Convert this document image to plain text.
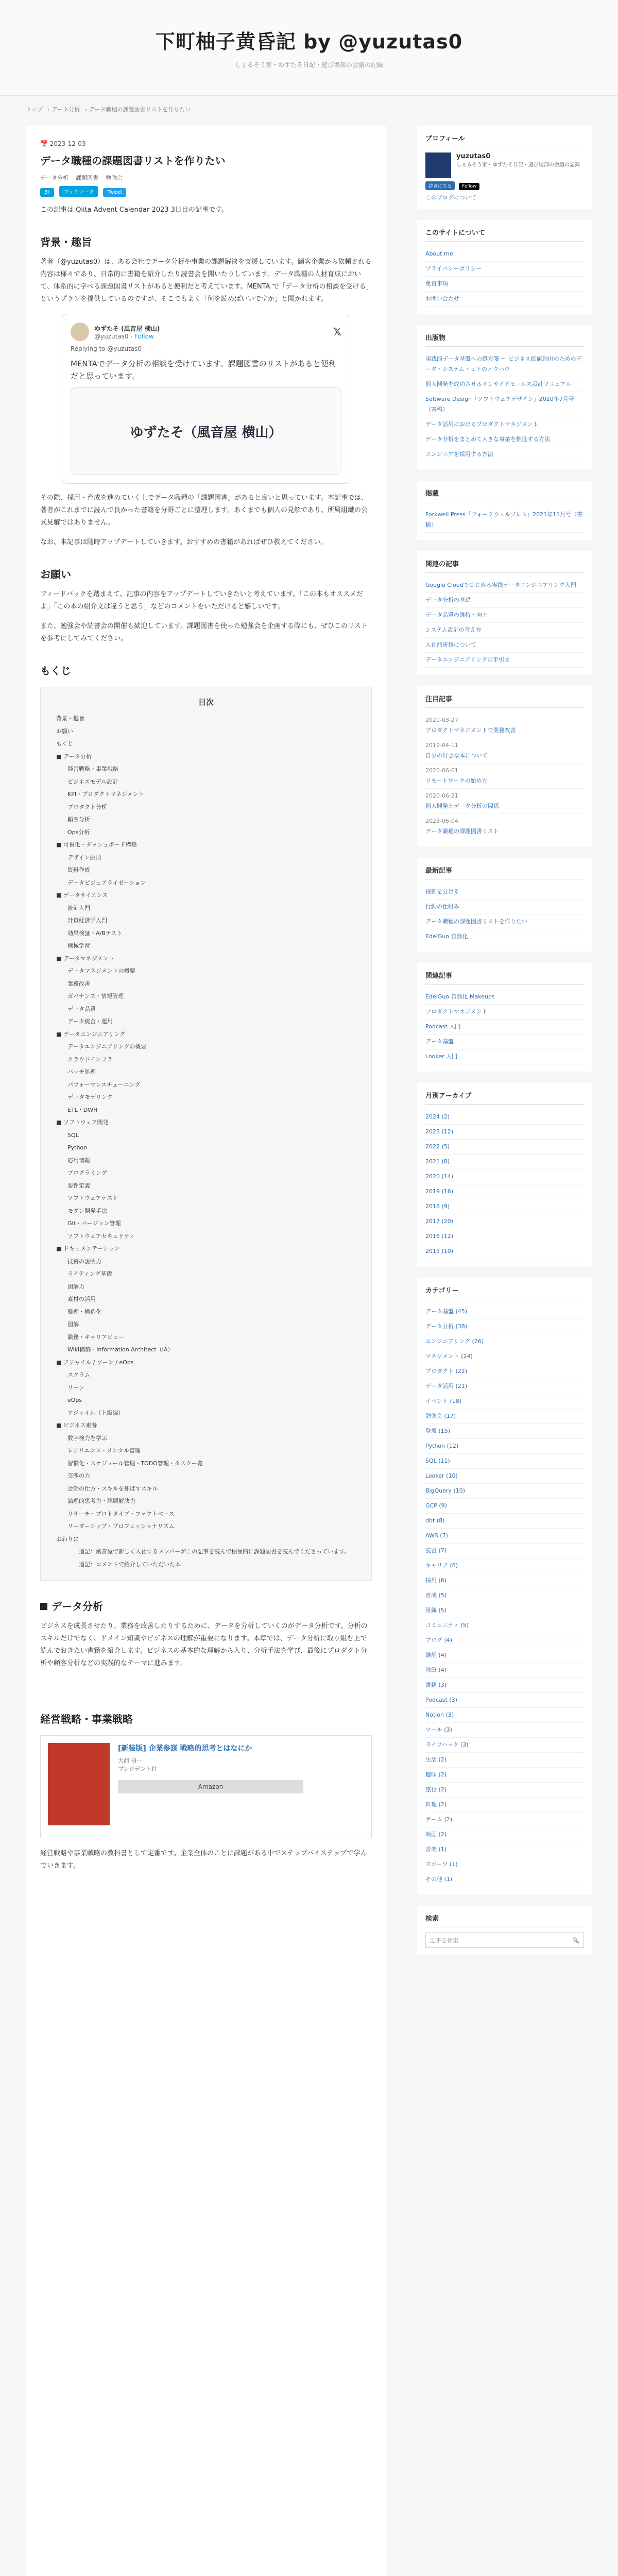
下町柚子黄昏記 by @yuzutas0
しぇるそう家・ゆずたそ日記・遊び場部の会議の記録
トップ › データ分析 › データ職種の課題図書リストを作りたい
📅 2023-12-03
データ職種の課題図書リストを作りたい
データ分析 課題図書 勉強会
B!	ブックマーク	Tweet

この記事は Qiita Advent Calendar 2023 3日目の記事です。

背景・趣旨

著者（@yuzutas0）は、ある会社でデータ分析や事業の課題解決を支援しています。顧客企業から依頼される内容は様々であり、日常的に書籍を紹介したり読書会を開いたりしています。データ職種の人材育成において、体系的に学べる課題図書リストがあると便利だと考えています。MENTA で「データ分析の相談を受ける」というプランを提供しているのですが、そこでもよく「何を読めばいいですか」と聞かれます。

ゆずたそ (風音屋 横山)
@yuzutas0 · Follow	𝕏
Replying to @yuzutas0
MENTAでデータ分析の相談を受けています。課題図書のリストがあると便利だと思っています。
ゆずたそ（風音屋 横山）

その際、採用・育成を進めていく上でデータ職種の「課題図書」があると良いと思っています。本記事では、著者がこれまでに読んで良かった書籍を分野ごとに整理します。あくまでも個人の見解であり、所属組織の公式見解ではありません。

なお、本記事は随時アップデートしていきます。おすすめの書籍があればぜひ教えてください。

お願い

フィードバックを踏まえて、記事の内容をアップデートしていきたいと考えています。「この本もオススメだよ」「この本の紹介文は違うと思う」などのコメントをいただけると嬉しいです。

また、勉強会や読書会の開催も歓迎しています。課題図書を使った勉強会を企画する際にも、ぜひこのリストを参考にしてみてください。

もくじ
目次
背景・趣旨
お願い
もくじ
■ データ分析
経営戦略・事業戦略
ビジネスモデル設計
KPI・プロダクトマネジメント
プロダクト分析
顧客分析
Ops分析
■ 可視化・ダッシュボード構築
デザイン原則
資料作成
データビジュアライゼーション
■ データサイエンス
統計入門
計量経済学入門
効果検証・A/Bテスト
機械学習
■ データマネジメント
データマネジメントの概要
業務改善
ガバナンス・情報管理
データ品質
データ統合・運用
■ データエンジニアリング
データエンジニアリングの概要
クラウドインフラ
バッチ処理
パフォーマンスチューニング
データモデリング
ETL・DWH
■ ソフトウェア開発
SQL
Python
応用情報
プログラミング
要件定義
ソフトウェアテスト
モダン開発手法
Git・バージョン管理
ソフトウェアセキュリティ
■ ドキュメンテーション
技術の説明力
ライティング基礎
図解力
素材の活用
整理・構造化
図解
職務・キャリアビュー
Wiki構築 - Information Architect（IA）
■ アジャイル / ソーン / eOps
スクラム
リーン
eOps
アジャイル（上級編）
■ ビジネス素養
数字検力を学ぶ
レジリエンス・メンタル管理
習慣化・スケジュール管理・TODO管理・タスクー覧
交渉の力
会話の仕方・スキルを伸ばすスキル
論理的思考力・課題解決力
リサーチ・プロトタイプ・ファクトベース
リーダーシップ・プロフェッショナリズム
おわりに
追記：風音屋で新しく入社するメンバーがこの記事を読んで積極的に課題図書を読んでくださっています。
追記：コメントで紹介していただいた本
データ分析

ビジネスを成長させたり、業務を改善したりするために、データを分析していくのがデータ分析です。分析のスキルだけでなく、ドメイン知識やビジネスの理解が重要になります。本章では、データ分析に取り組む上で読んでおきたい書籍を紹介します。ビジネスの基本的な理解から入り、分析手法を学び、最後にプロダクト分析や顧客分析などの実践的なテーマに進みます。

経営戦略・事業戦略
[新装版] 企業参謀 戦略的思考とはなにか
大前 研一
プレジデント社
Amazon

経営戦略や事業戦略の教科書として定番です。企業全体のことに課題がある中でステップバイステップで学んでいきます。

プロフィール
yuzutas0
しぇるそう家・ゆずたそ日記・遊び場部の会議の記録
読者になる Follow
このブログについて
このサイトについて
About me
プライバシーポリシー
免責事項
お問い合わせ
出版物
実践的データ基盤への処方箋 〜 ビジネス価値創出のためのデータ・システム・ヒトのノウハウ
個人開発を成功させるインサイドセールス設計マニュアル
Software Design「ソフトウェアデザイン」2020年7月号（寄稿）
データ活用におけるプロダクトマネジメント
データ分析をまとめて大きな事業を推進する方法
エンジニアを採用する方法
掲載
Forkwell Press「フォークウェルプレス」2021年11月号（寄稿）
関連の記事
Google Cloudではじめる実践データエンジニアリング入門
データ分析の基礎
データ品質の維持・向上
システム設計の考え方
入社前研修について
データエンジニアリングの手引き
注目記事
2021-03-27
プロダクトマネジメントで業務改善
2019-04-11
自分の好きな本について
2020-06-01
リモートワークの始め方
2020-06-21
個人開発とデータ分析の関係
2023-06-04
データ職種の課題図書リスト
最新記事
役割を分ける
行動の仕組み
データ職種の課題図書リストを作りたい
EdelGuo 自動化
関連記事
EdelGuo 自動化 Makeups
プロダクトマネジメント
Podcast 入門
データ基盤
Looker 入門
月別アーカイブ
2024 (2)
2023 (12)
2022 (5)
2021 (8)
2020 (14)
2019 (16)
2018 (9)
2017 (20)
2016 (12)
2015 (10)
カテゴリー
データ基盤 (45)
データ分析 (38)
エンジニアリング (26)
マネジメント (24)
プロダクト (22)
データ活用 (21)
イベント (18)
勉強会 (17)
登壇 (15)
Python (12)
SQL (11)
Looker (10)
BigQuery (10)
GCP (9)
dbt (8)
AWS (7)
読書 (7)
キャリア (6)
採用 (6)
育成 (5)
組織 (5)
コミュニティ (5)
ブログ (4)
雑記 (4)
執筆 (4)
書籍 (3)
Podcast (3)
Notion (3)
ツール (3)
ライフハック (3)
生活 (2)
趣味 (2)
旅行 (2)
料理 (2)
ゲーム (2)
映画 (2)
音楽 (1)
スポーツ (1)
その他 (1)
検索
記事を検索	🔍
